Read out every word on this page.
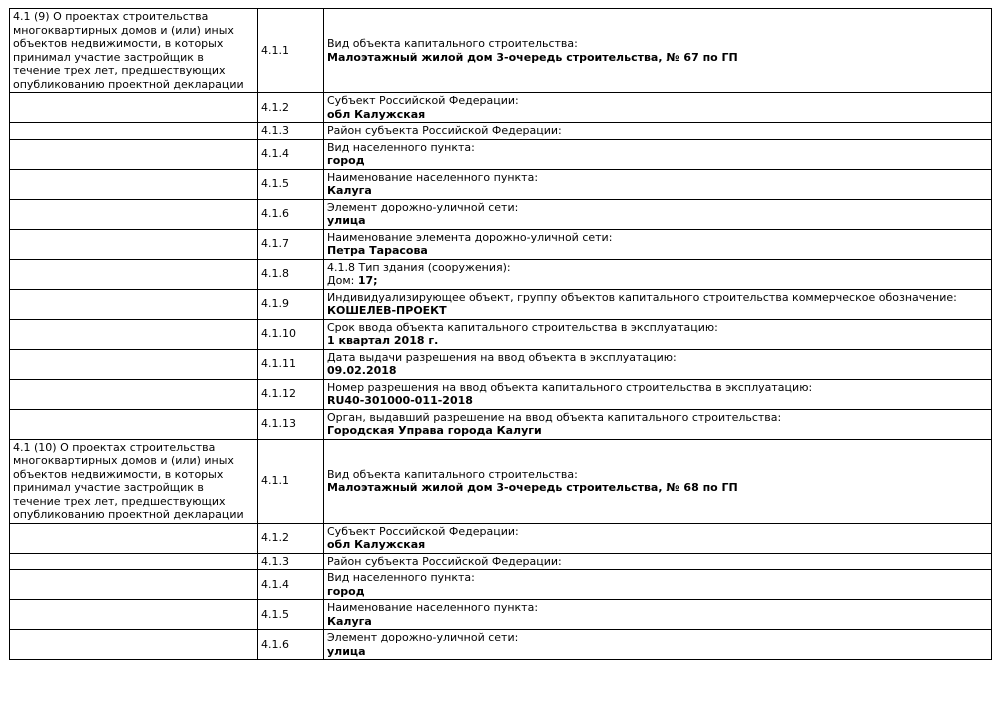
4.1 (9) О проектах строительства многоквартирных домов и (или) иных объектов недвижимости, в которых принимал участие застройщик в течение трех лет, предшествующих опубликованию проектной декларации	4.1.1	Вид объекта капитального строительства:
Малоэтажный жилой дом 3-очередь строительства, № 67 по ГП

	4.1.2	Субъект Российской Федерации:
обл Калужская

	4.1.3	Район субъекта Российской Федерации:

	4.1.4	Вид населенного пункта:
город

	4.1.5	Наименование населенного пункта:
Калуга

	4.1.6	Элемент дорожно-уличной сети:
улица

	4.1.7	Наименование элемента дорожно-уличной сети:
Петра Тарасова

	4.1.8	4.1.8 Тип здания (сооружения):
Дом: 17;

	4.1.9	Индивидуализирующее объект, группу объектов капитального строительства коммерческое обозначение:
КОШЕЛЕВ-ПРОЕКТ

	4.1.10	Срок ввода объекта капитального строительства в эксплуатацию:
1 квартал 2018 г.

	4.1.11	Дата выдачи разрешения на ввод объекта в эксплуатацию:
09.02.2018

	4.1.12	Номер разрешения на ввод объекта капитального строительства в эксплуатацию:
RU40-301000-011-2018

	4.1.13	Орган, выдавший разрешение на ввод объекта капитального строительства:
Городская Управа города Калуги

4.1 (10) О проектах строительства многоквартирных домов и (или) иных объектов недвижимости, в которых принимал участие застройщик в течение трех лет, предшествующих опубликованию проектной декларации	4.1.1	Вид объекта капитального строительства:
Малоэтажный жилой дом 3-очередь строительства, № 68 по ГП

	4.1.2	Субъект Российской Федерации:
обл Калужская

	4.1.3	Район субъекта Российской Федерации:

	4.1.4	Вид населенного пункта:
город

	4.1.5	Наименование населенного пункта:
Калуга

	4.1.6	Элемент дорожно-уличной сети:
улица
